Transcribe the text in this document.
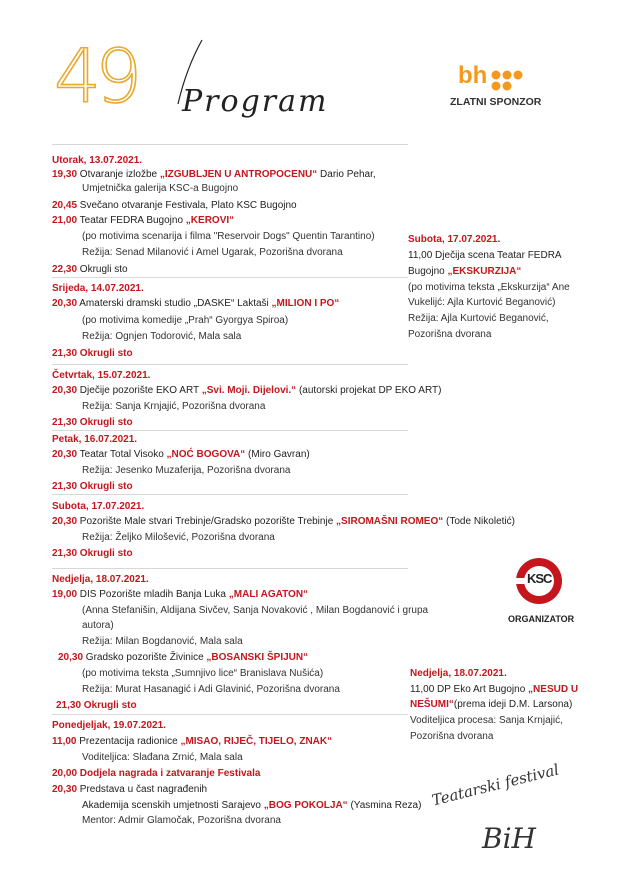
49 Program
bh
ZLATNI SPONZOR
Utorak, 13.07.2021.
19,30 Otvaranje izložbe „IZGUBLJEN U ANTROPOCENU“ Dario Pehar,
Umjetnička galerija KSC-a Bugojno
20,45 Svečano otvaranje Festivala, Plato KSC Bugojno
21,00 Teatar FEDRA Bugojno „KEROVI“
(po motivima scenarija i filma "Reservoir Dogs" Quentin Tarantino)
Režija: Senad Milanović i Amel Ugarak, Pozorišna dvorana
22,30 Okrugli sto
Srijeda, 14.07.2021.
20,30 Amaterski dramski studio „DASKE“ Laktaši „MILION I PO“
(po motivima komedije „Prah“ Gyorgya Spiroa)
Režija: Ognjen Todorović, Mala sala
21,30 Okrugli sto
Četvrtak, 15.07.2021.
20,30 Dječije pozorište EKO ART „Svi. Moji. Dijelovi.“ (autorski projekat DP EKO ART)
Režija: Sanja Krnjajić, Pozorišna dvorana
21,30 Okrugli sto
Petak, 16.07.2021.
20,30 Teatar Total Visoko „NOĆ BOGOVA“ (Miro Gavran)
Režija: Jesenko Muzaferija, Pozorišna dvorana
21,30 Okrugli sto
Subota, 17.07.2021.
20,30 Pozorište Male stvari Trebinje/Gradsko pozorište Trebinje „SIROMAŠNI ROMEO“ (Tode Nikoletić)
Režija: Željko Milošević, Pozorišna dvorana
21,30 Okrugli sto
Nedjelja, 18.07.2021.
19,00 DIS Pozorište mladih Banja Luka „MALI AGATON“
(Anna Stefanišin, Aldijana Sivčev, Sanja Novaković , Milan Bogdanović i grupa
autora)
Režija: Milan Bogdanović, Mala sala
20,30 Gradsko pozorište Živinice „BOSANSKI ŠPIJUN“
(po motivima teksta „Sumnjivo lice“ Branislava Nušića)
Režija: Murat Hasanagić i Adi Glavinić, Pozorišna dvorana
21,30 Okrugli sto
Ponedjeljak, 19.07.2021.
11,00 Prezentacija radionice „MISAO, RIJEČ, TIJELO, ZNAK“
Voditeljica: Slađana Zrnić, Mala sala
20,00 Dodjela nagrada i zatvaranje Festivala
20,30 Predstava u čast nagrađenih
Akademija scenskih umjetnosti Sarajevo „BOG POKOLJA“ (Yasmina Reza)
Mentor: Admir Glamočak, Pozorišna dvorana
Subota, 17.07.2021.
11,00 Dječija scena Teatar FEDRA
Bugojno „EKSKURZIJA“
(po motivima teksta „Ekskurzija“ Ane
Vukelijć: Ajla Kurtović Beganović)
Režija: Ajla Kurtović Beganović,
Pozorišna dvorana
KSC
ORGANIZATOR
Nedjelja, 18.07.2021.
11,00 DP Eko Art Bugojno „NESUD U
NEŠUMI“(prema ideji D.M. Larsona)
Voditeljica procesa: Sanja Krnjajić,
Pozorišna dvorana
Teatarski festival
BiH
